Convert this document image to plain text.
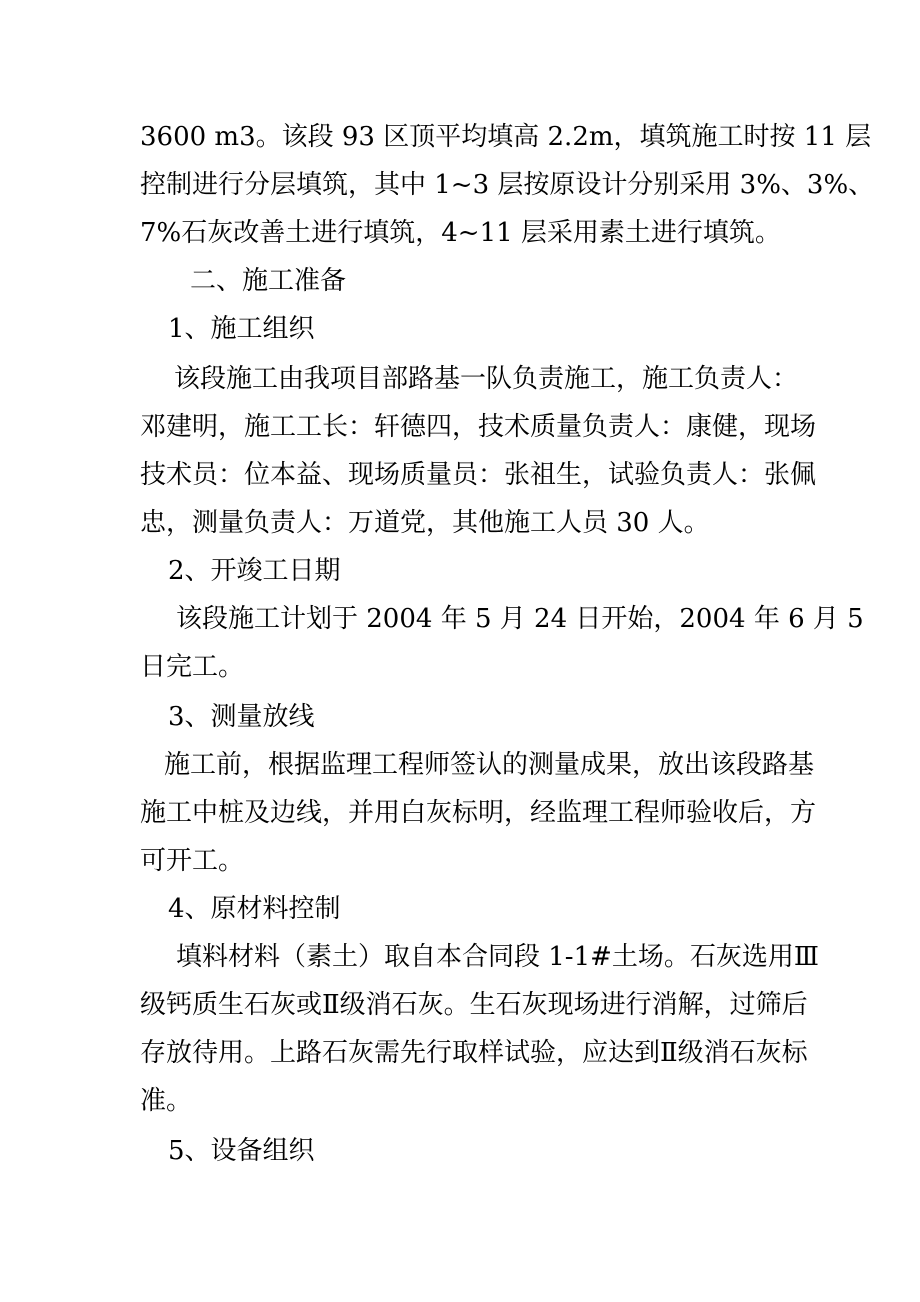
3600 m3。该段 93 区顶平均填高 2.2m，填筑施工时按 11 层
控制进行分层填筑，其中 1~3 层按原设计分别采用 3%、3%、
7%石灰改善土进行填筑，4~11 层采用素土进行填筑。
二、施工准备
1、施工组织
该段施工由我项目部路基一队负责施工，施工负责人：
邓建明，施工工长：轩德四，技术质量负责人：康健，现场
技术员：位本益、现场质量员：张祖生，试验负责人：张佩
忠，测量负责人：万道党，其他施工人员 30 人。
2、开竣工日期
该段施工计划于 2004 年 5 月 24 日开始，2004 年 6 月 5
日完工。
3、测量放线
施工前，根据监理工程师签认的测量成果，放出该段路基
施工中桩及边线，并用白灰标明，经监理工程师验收后，方
可开工。
4、原材料控制
填料材料（素土）取自本合同段 1-1#土场。石灰选用Ⅲ
级钙质生石灰或Ⅱ级消石灰。生石灰现场进行消解，过筛后
存放待用。上路石灰需先行取样试验，应达到Ⅱ级消石灰标
准。
5、设备组织
